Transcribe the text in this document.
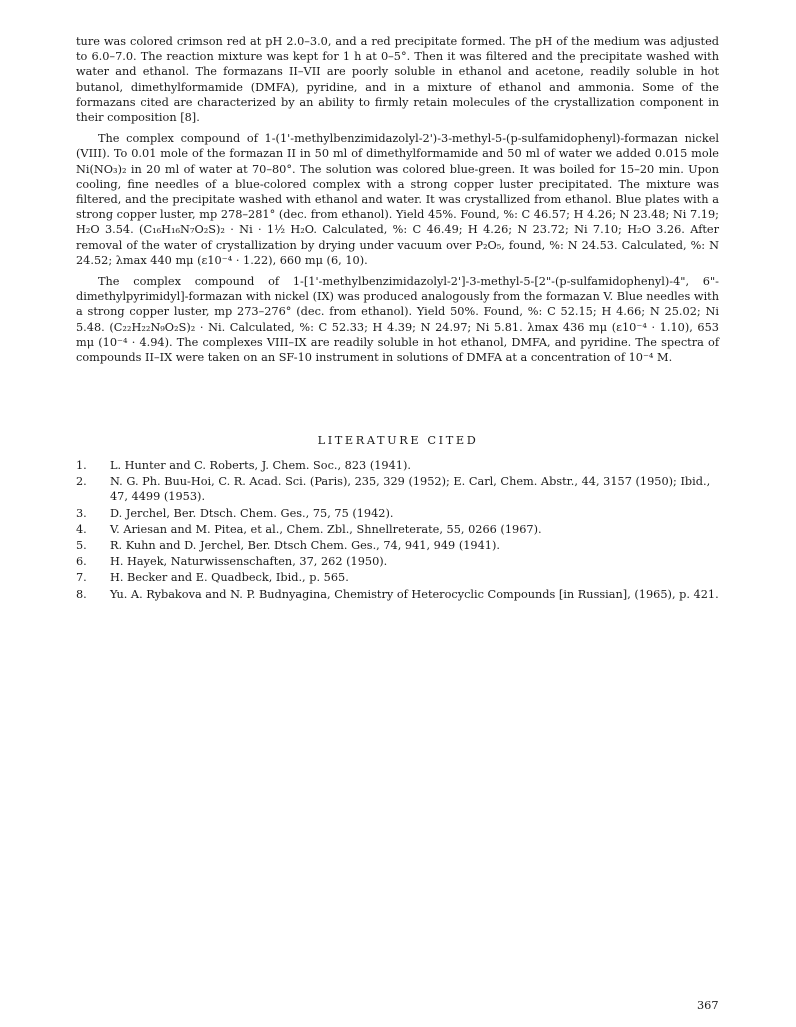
ture was colored crimson red at pH 2.0–3.0, and a red precipitate formed. The pH of the medium was adjusted to 6.0–7.0. The reaction mixture was kept for 1 h at 0–5°. Then it was filtered and the precipitate washed with water and ethanol. The formazans II–VII are poorly soluble in ethanol and acetone, readily soluble in hot butanol, dimethylformamide (DMFA), pyridine, and in a mixture of ethanol and ammonia. Some of the formazans cited are characterized by an ability to firmly retain molecules of the crystallization component in their composition [8].

The complex compound of 1-(1'-methylbenzimidazolyl-2')-3-methyl-5-(p-sulfamidophenyl)-formazan nickel (VIII). To 0.01 mole of the formazan II in 50 ml of dimethylformamide and 50 ml of water we added 0.015 mole Ni(NO₃)₂ in 20 ml of water at 70–80°. The solution was colored blue-green. It was boiled for 15–20 min. Upon cooling, fine needles of a blue-colored complex with a strong copper luster precipitated. The mixture was filtered, and the precipitate washed with ethanol and water. It was crystallized from ethanol. Blue plates with a strong copper luster, mp 278–281° (dec. from ethanol). Yield 45%. Found, %: C 46.57; H 4.26; N 23.48; Ni 7.19; H₂O 3.54. (C₁₆H₁₆N₇O₂S)₂ · Ni · 1½ H₂O. Calculated, %: C 46.49; H 4.26; N 23.72; Ni 7.10; H₂O 3.26. After removal of the water of crystallization by drying under vacuum over P₂O₅, found, %: N 24.53. Calculated, %: N 24.52; λmax 440 mμ (ε10⁻⁴ · 1.22), 660 mμ (6, 10).

The complex compound of 1-[1'-methylbenzimidazolyl-2']-3-methyl-5-[2"-(p-sulfamidophenyl)-4", 6"-dimethylpyrimidyl]-formazan with nickel (IX) was produced analogously from the formazan V. Blue needles with a strong copper luster, mp 273–276° (dec. from ethanol). Yield 50%. Found, %: C 52.15; H 4.66; N 25.02; Ni 5.48. (C₂₂H₂₂N₉O₂S)₂ · Ni. Calculated, %: C 52.33; H 4.39; N 24.97; Ni 5.81. λmax 436 mμ (ε10⁻⁴ · 1.10), 653 mμ (10⁻⁴ · 4.94). The complexes VIII–IX are readily soluble in hot ethanol, DMFA, and pyridine. The spectra of compounds II–IX were taken on an SF-10 instrument in solutions of DMFA at a concentration of 10⁻⁴ M.

LITERATURE CITED
1.	L. Hunter and C. Roberts, J. Chem. Soc., 823 (1941).
2.	N. G. Ph. Buu-Hoi, C. R. Acad. Sci. (Paris), 235, 329 (1952); E. Carl, Chem. Abstr., 44, 3157 (1950); Ibid., 47, 4499 (1953).
3.	D. Jerchel, Ber. Dtsch. Chem. Ges., 75, 75 (1942).
4.	V. Ariesan and M. Pitea, et al., Chem. Zbl., Shnellreterate, 55, 0266 (1967).
5.	R. Kuhn and D. Jerchel, Ber. Dtsch Chem. Ges., 74, 941, 949 (1941).
6.	H. Hayek, Naturwissenschaften, 37, 262 (1950).
7.	H. Becker and E. Quadbeck, Ibid., p. 565.
8.	Yu. A. Rybakova and N. P. Budnyagina, Chemistry of Heterocyclic Compounds [in Russian], (1965), p. 421.
367
